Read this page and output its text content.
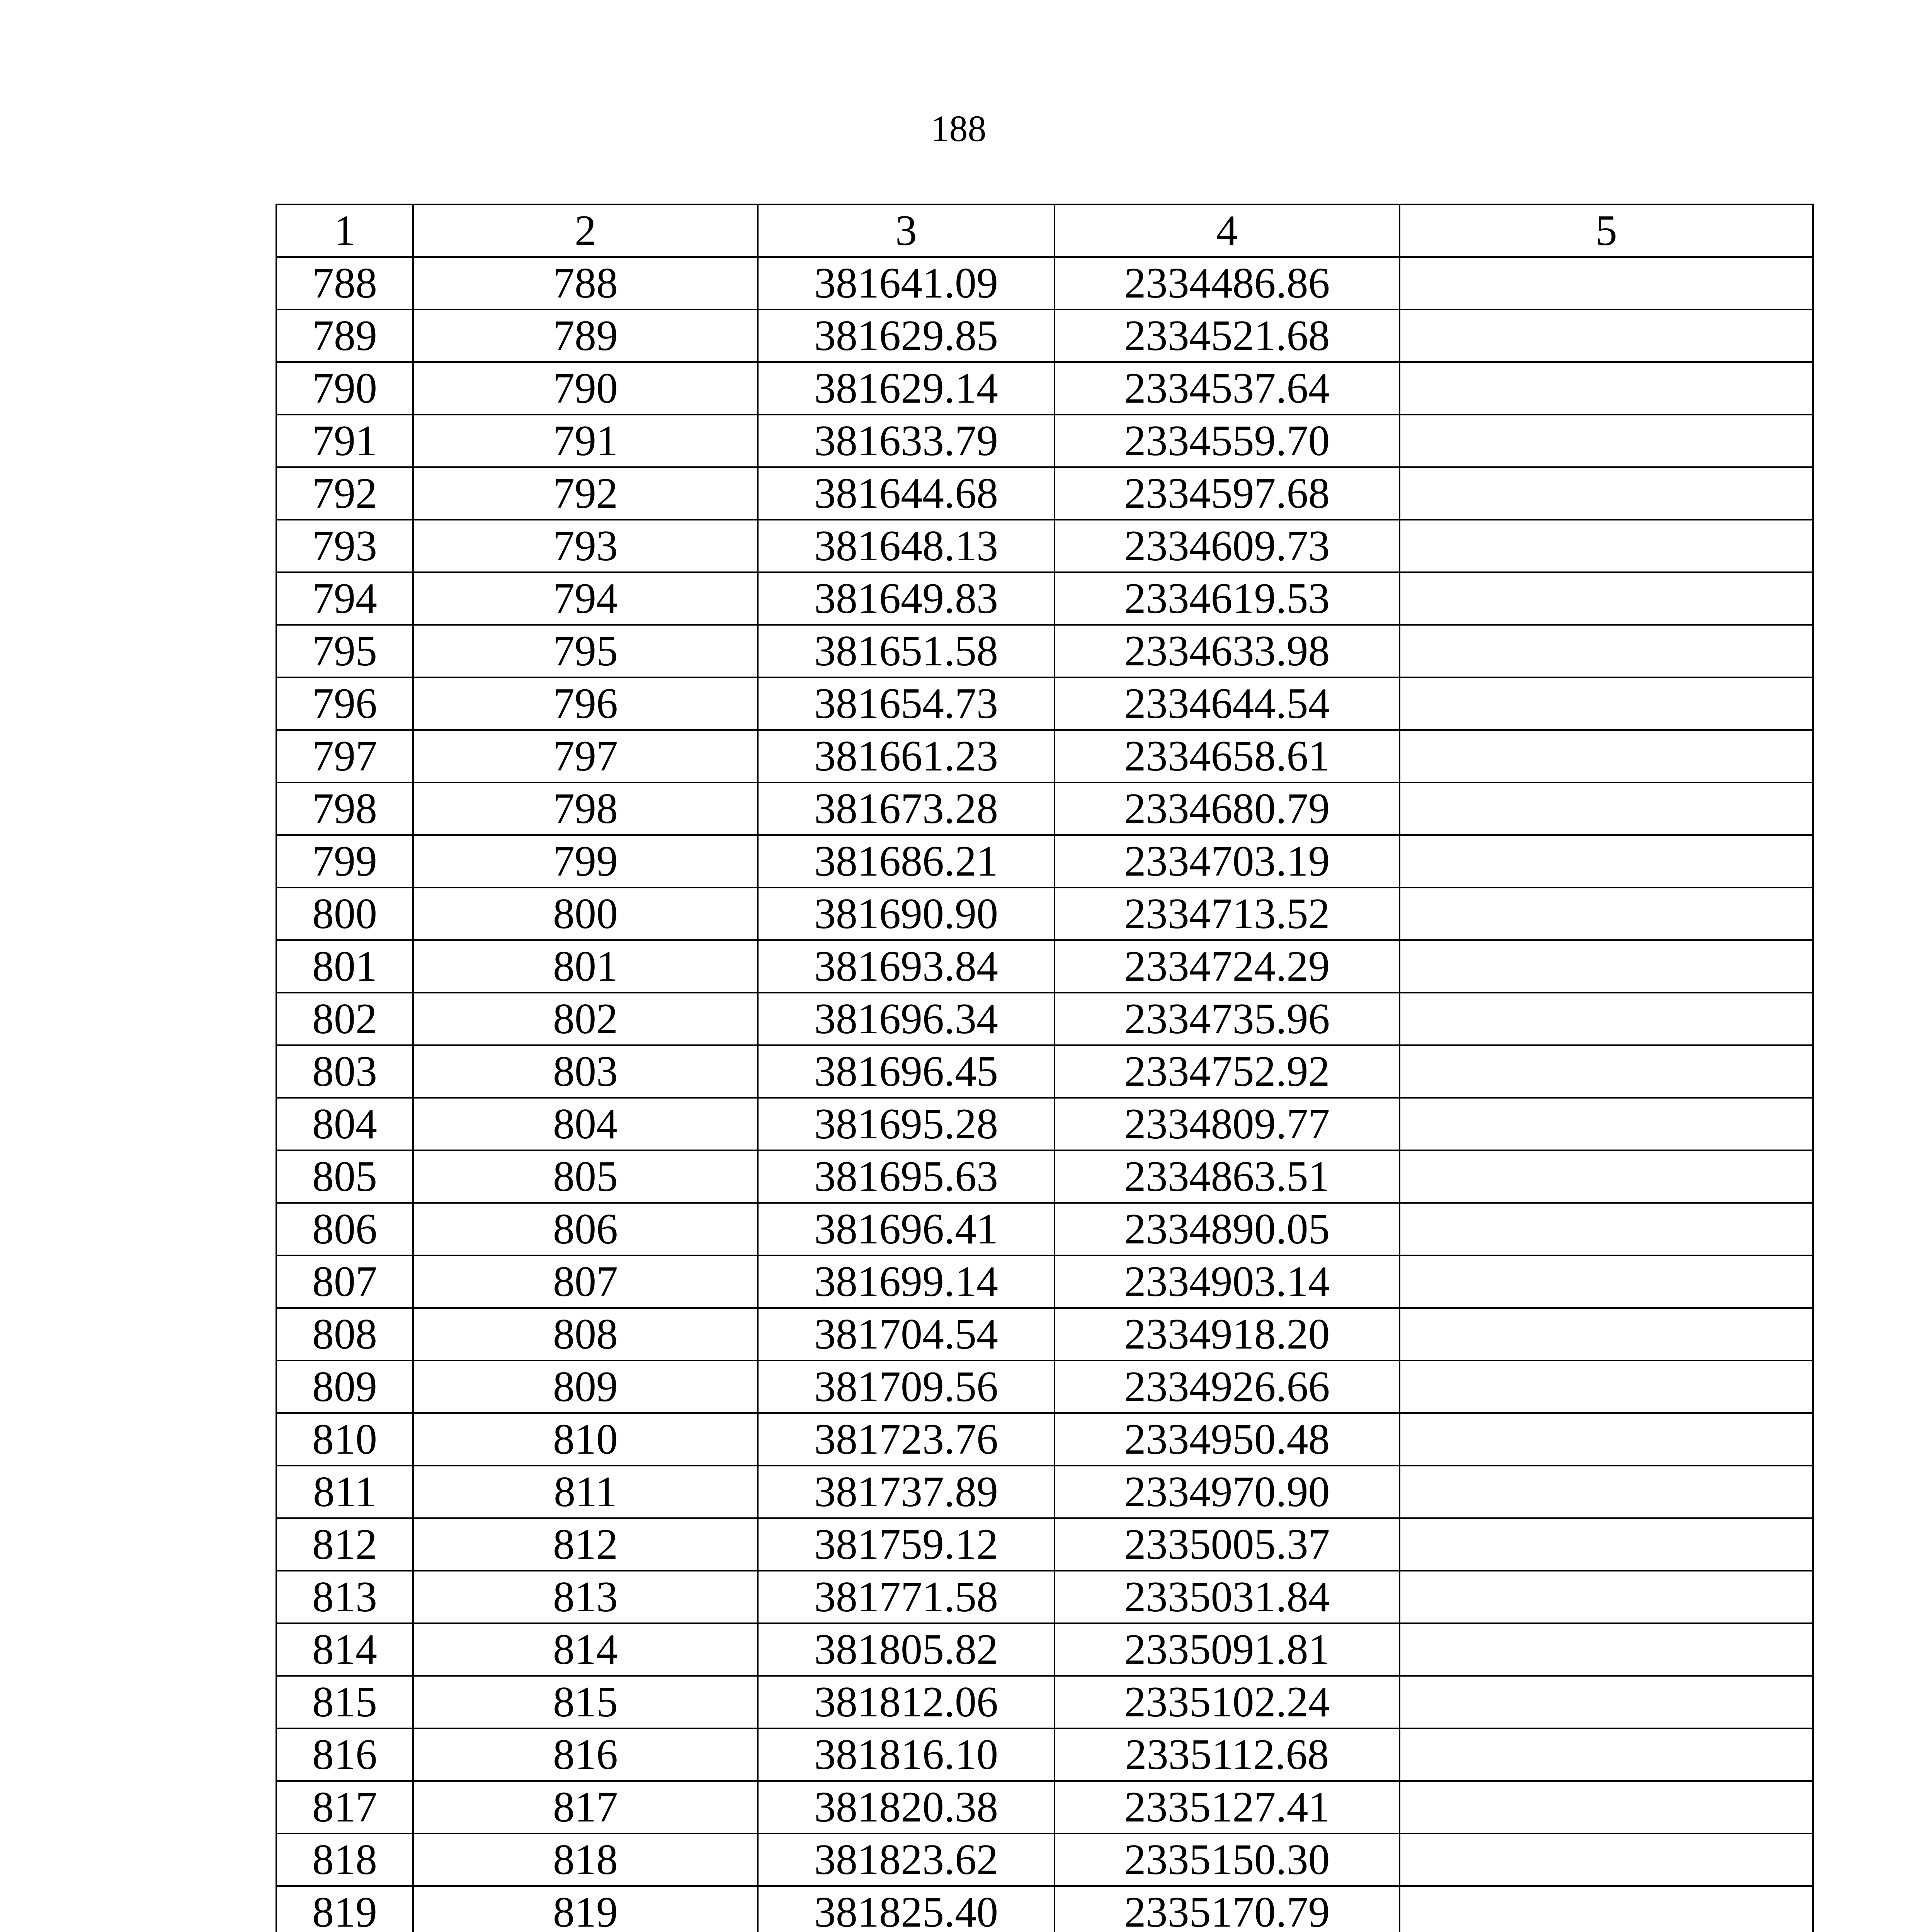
188
1	2	3	4	5
788	788	381641.09	2334486.86	
789	789	381629.85	2334521.68	
790	790	381629.14	2334537.64	
791	791	381633.79	2334559.70	
792	792	381644.68	2334597.68	
793	793	381648.13	2334609.73	
794	794	381649.83	2334619.53	
795	795	381651.58	2334633.98	
796	796	381654.73	2334644.54	
797	797	381661.23	2334658.61	
798	798	381673.28	2334680.79	
799	799	381686.21	2334703.19	
800	800	381690.90	2334713.52	
801	801	381693.84	2334724.29	
802	802	381696.34	2334735.96	
803	803	381696.45	2334752.92	
804	804	381695.28	2334809.77	
805	805	381695.63	2334863.51	
806	806	381696.41	2334890.05	
807	807	381699.14	2334903.14	
808	808	381704.54	2334918.20	
809	809	381709.56	2334926.66	
810	810	381723.76	2334950.48	
811	811	381737.89	2334970.90	
812	812	381759.12	2335005.37	
813	813	381771.58	2335031.84	
814	814	381805.82	2335091.81	
815	815	381812.06	2335102.24	
816	816	381816.10	2335112.68	
817	817	381820.38	2335127.41	
818	818	381823.62	2335150.30	
819	819	381825.40	2335170.79	
